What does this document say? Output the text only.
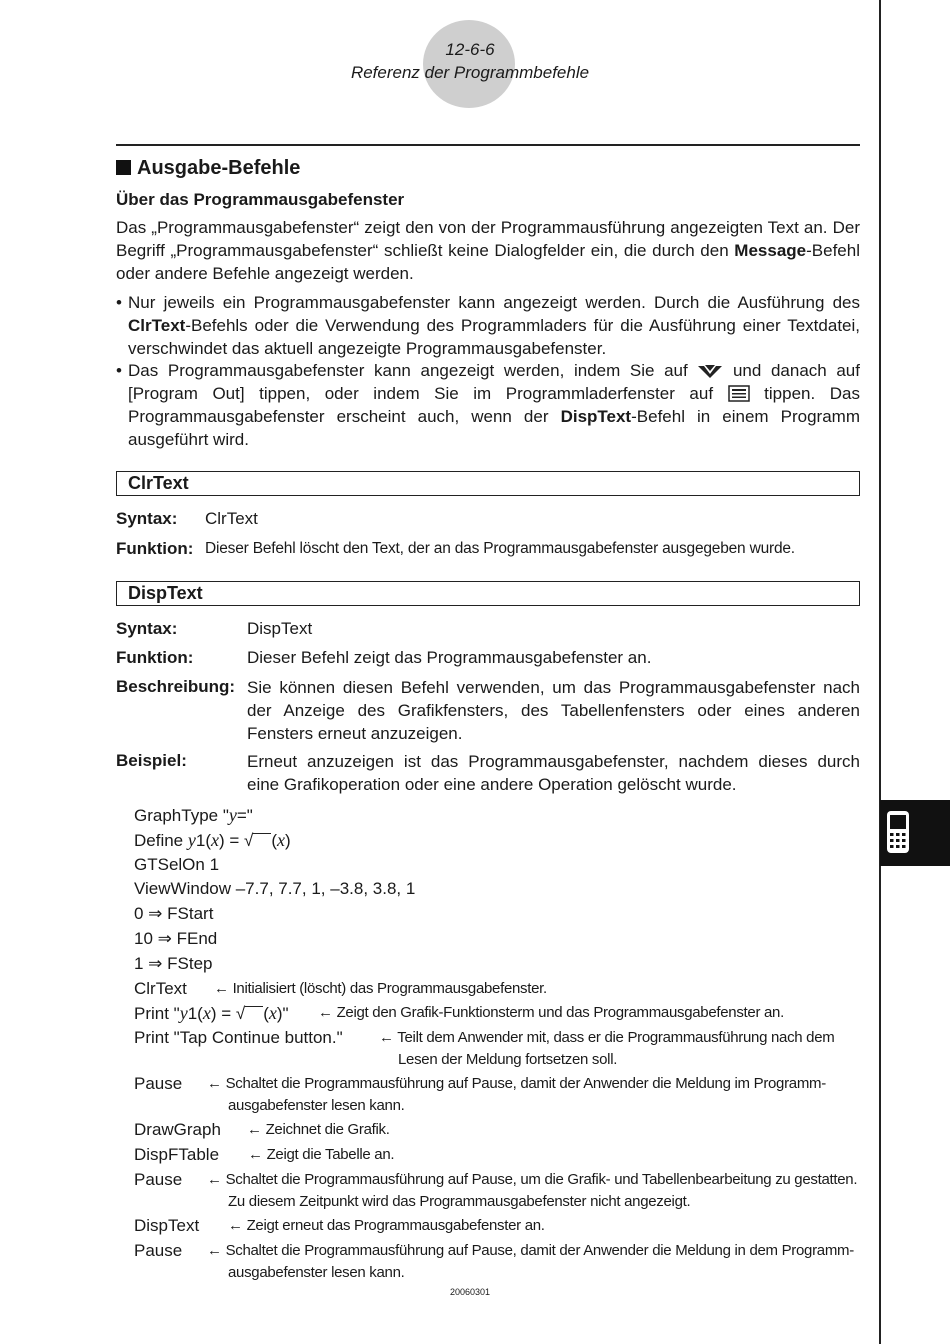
12-6-6
Referenz der Programmbefehle
Ausgabe-Befehle
Über das Programmausgabefenster
Das „Programmausgabefenster“ zeigt den von der Programmausführung angezeigten Text an. Der Begriff „Programmausgabefenster“ schließt keine Dialogfelder ein, die durch den Message-Befehl oder andere Befehle angezeigt werden.
• Nur jeweils ein Programmausgabefenster kann angezeigt werden. Durch die Ausführung des ClrText-Befehls oder die Verwendung des Programmladers für die Ausführung einer Textdatei, verschwindet das aktuell angezeigte Programmausgabefenster.
• Das Programmausgabefenster kann angezeigt werden, indem Sie auf  und danach auf [Program Out] tippen, oder indem Sie im Programmladerfenster auf  tippen. Das Programmausgabefenster erscheint auch, wenn der DispText-Befehl in einem Programm ausgeführt wird.
ClrText
Syntax: ClrText
Funktion: Dieser Befehl löscht den Text, der an das Programmausgabefenster ausgegeben wurde.
DispText
Syntax:	DispText
Funktion:	Dieser Befehl zeigt das Programmausgabefenster an.
Beschreibung: Sie können diesen Befehl verwenden, um das Programmausgabefenster nach der Anzeige des Grafikfensters, des Tabellenfensters oder eines anderen Fensters erneut anzuzeigen.
Beispiel:	Erneut anzuzeigen ist das Programmausgabefenster, nachdem dieses durch eine Grafikoperation oder eine andere Operation gelöscht wurde.
GraphType "y="
Define y1(x) = √ (x)
GTSelOn 1
ViewWindow –7.7, 7.7, 1, –3.8, 3.8, 1
0 ⇒ FStart
10 ⇒ FEnd
1 ⇒ FStep
ClrText ← Initialisiert (löscht) das Programmausgabefenster.
Print "y1(x) = √ (x)" ← Zeigt den Grafik-Funktionsterm und das Programmausgabefenster an.
Print "Tap Continue button." ← Teilt dem Anwender mit, dass er die Programmausführung nach dem
Lesen der Meldung fortsetzen soll.
Pause ← Schaltet die Programmausführung auf Pause, damit der Anwender die Meldung im Programm-
ausgabefenster lesen kann.
DrawGraph ← Zeichnet die Grafik.
DispFTable ← Zeigt die Tabelle an.
Pause ← Schaltet die Programmausführung auf Pause, um die Grafik- und Tabellenbearbeitung zu gestatten.
Zu diesem Zeitpunkt wird das Programmausgabefenster nicht angezeigt.
DispText ← Zeigt erneut das Programmausgabefenster an.
Pause ← Schaltet die Programmausführung auf Pause, damit der Anwender die Meldung in dem Programm-
ausgabefenster lesen kann.
20060301
